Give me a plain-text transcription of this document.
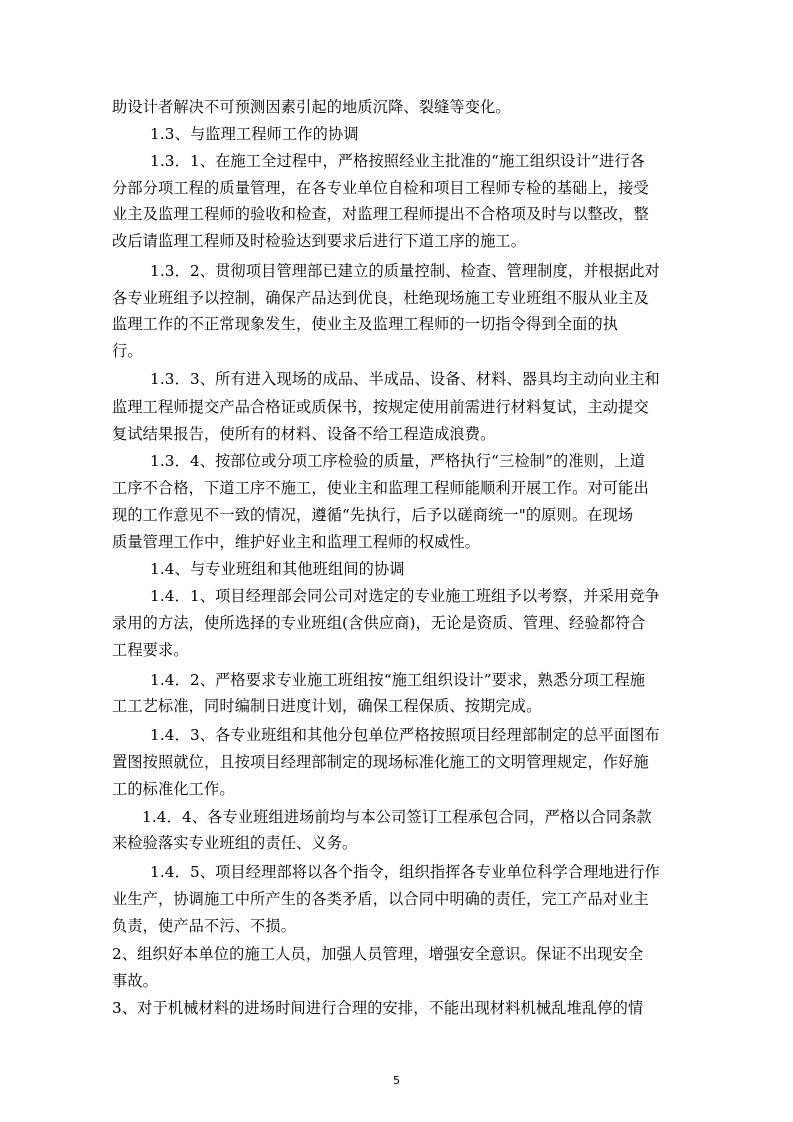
助设计者解决不可预测因素引起的地质沉降、裂缝等变化。
1.3、与监理工程师工作的协调
1.3．1、在施工全过程中，严格按照经业主批准的“施工组织设计”进行各
分部分项工程的质量管理，在各专业单位自检和项目工程师专检的基础上，接受
业主及监理工程师的验收和检查，对监理工程师提出不合格项及时与以整改，整
改后请监理工程师及时检验达到要求后进行下道工序的施工。
1.3．2、贯彻项目管理部已建立的质量控制、检查、管理制度，并根据此对
各专业班组予以控制，确保产品达到优良，杜绝现场施工专业班组不服从业主及
监理工作的不正常现象发生，使业主及监理工程师的一切指令得到全面的执
行。
1.3．3、所有进入现场的成品、半成品、设备、材料、器具均主动向业主和
监理工程师提交产品合格证或质保书，按规定使用前需进行材料复试，主动提交
复试结果报告，使所有的材料、设备不给工程造成浪费。
1.3．4、按部位或分项工序检验的质量，严格执行“三检制”的准则，上道
工序不合格，下道工序不施工，使业主和监理工程师能顺利开展工作。对可能出
现的工作意见不一致的情况，遵循“先执行，后予以磋商统一"的原则。在现场
质量管理工作中，维护好业主和监理工程师的权威性。
1.4、与专业班组和其他班组间的协调
1.4．1、项目经理部会同公司对选定的专业施工班组予以考察，并采用竞争
录用的方法，使所选择的专业班组(含供应商)，无论是资质、管理、经验都符合
工程要求。
1.4．2、严格要求专业施工班组按“施工组织设计”要求，熟悉分项工程施
工工艺标准，同时编制日进度计划，确保工程保质、按期完成。
1.4．3、各专业班组和其他分包单位严格按照项目经理部制定的总平面图布
置图按照就位，且按项目经理部制定的现场标准化施工的文明管理规定，作好施
工的标准化工作。
1.4．4、各专业班组进场前均与本公司签订工程承包合同，严格以合同条款
来检验落实专业班组的责任、义务。
1.4．5、项目经理部将以各个指令，组织指挥各专业单位科学合理地进行作
业生产，协调施工中所产生的各类矛盾，以合同中明确的责任，完工产品对业主
负责，使产品不污、不损。
2、组织好本单位的施工人员，加强人员管理，增强安全意识。保证不出现安全
事故。
3、对于机械材料的进场时间进行合理的安排，不能出现材料机械乱堆乱停的情
5
